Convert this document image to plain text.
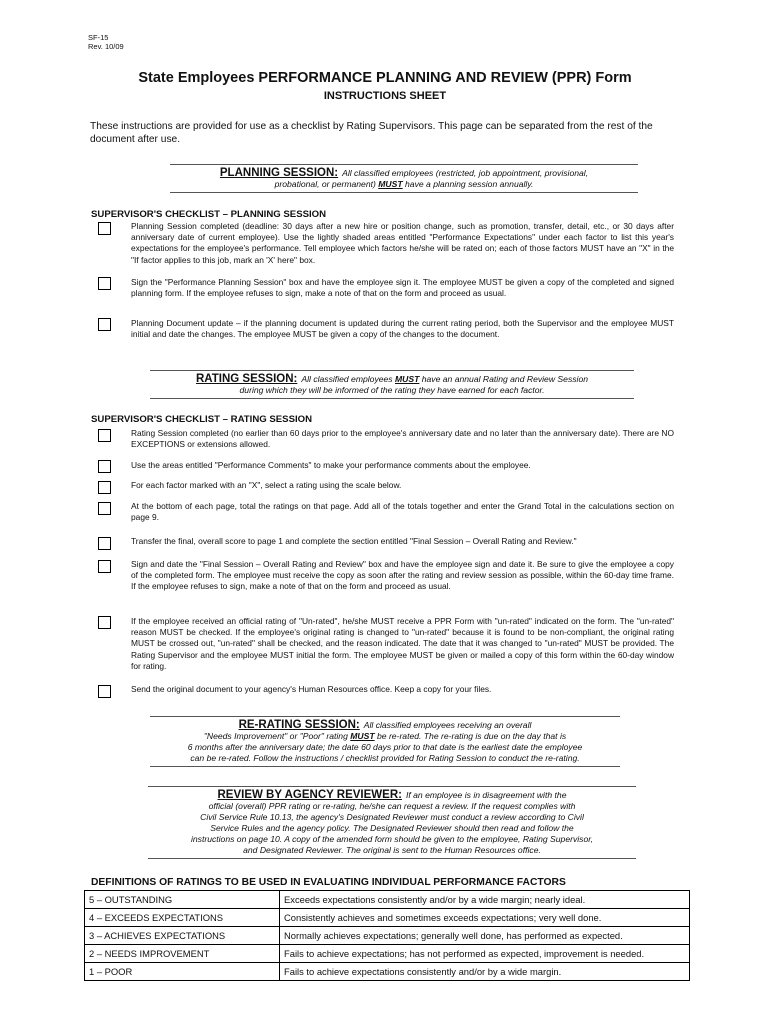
SF-15
Rev. 10/09
State Employees PERFORMANCE PLANNING AND REVIEW (PPR) Form
INSTRUCTIONS SHEET
These instructions are provided for use as a checklist by Rating Supervisors. This page can be separated from the rest of the document after use.
PLANNING SESSION: All classified employees (restricted, job appointment, provisional,
probational, or permanent) MUST have a planning session annually.
SUPERVISOR'S CHECKLIST – PLANNING SESSION
Planning Session completed (deadline: 30 days after a new hire or position change, such as promotion, transfer, detail, etc., or 30 days after anniversary date of current employee). Use the lightly shaded areas entitled "Performance Expectations" under each factor to list this year's expectations for the employee's performance. Tell employee which factors he/she will be rated on; each of those factors MUST have an "X" in the "If factor applies to this job, mark an 'X' here" box.
Sign the "Performance Planning Session" box and have the employee sign it. The employee MUST be given a copy of the completed and signed planning form. If the employee refuses to sign, make a note of that on the form and proceed as usual.
Planning Document update – if the planning document is updated during the current rating period, both the Supervisor and the employee MUST initial and date the changes. The employee MUST be given a copy of the changes to the document.
RATING SESSION: All classified employees MUST have an annual Rating and Review Session
during which they will be informed of the rating they have earned for each factor.
SUPERVISOR'S CHECKLIST – RATING SESSION
Rating Session completed (no earlier than 60 days prior to the employee's anniversary date and no later than the anniversary date). There are NO EXCEPTIONS or extensions allowed.
Use the areas entitled "Performance Comments" to make your performance comments about the employee.
For each factor marked with an "X", select a rating using the scale below.
At the bottom of each page, total the ratings on that page. Add all of the totals together and enter the Grand Total in the calculations section on page 9.
Transfer the final, overall score to page 1 and complete the section entitled "Final Session – Overall Rating and Review."
Sign and date the "Final Session – Overall Rating and Review" box and have the employee sign and date it. Be sure to give the employee a copy of the completed form. The employee must receive the copy as soon after the rating and review session as possible, within the 60-day time frame. If the employee refuses to sign, make a note of that on the form and proceed as usual.
If the employee received an official rating of "Un-rated", he/she MUST receive a PPR Form with "un-rated" indicated on the form. The "un-rated" reason MUST be checked. If the employee's original rating is changed to "un-rated" because it is found to be non-compliant, the original rating MUST be crossed out, "un-rated" shall be checked, and the reason indicated. The date that it was changed to "un-rated" MUST be provided. The Rating Supervisor and the employee MUST initial the form. The employee MUST be given or mailed a copy of this form within the 60-day window for rating.
Send the original document to your agency's Human Resources office. Keep a copy for your files.
RE-RATING SESSION: All classified employees receiving an overall
"Needs Improvement" or "Poor" rating MUST be re-rated. The re-rating is due on the day that is
6 months after the anniversary date; the date 60 days prior to that date is the earliest date the employee
can be re-rated. Follow the instructions / checklist provided for Rating Session to conduct the re-rating.
REVIEW BY AGENCY REVIEWER: If an employee is in disagreement with the
official (overall) PPR rating or re-rating, he/she can request a review. If the request complies with
Civil Service Rule 10.13, the agency's Designated Reviewer must conduct a review according to Civil
Service Rules and the agency policy. The Designated Reviewer should then read and follow the
instructions on page 10. A copy of the amended form should be given to the employee, Rating Supervisor,
and Designated Reviewer. The original is sent to the Human Resources office.
DEFINITIONS OF RATINGS TO BE USED IN EVALUATING INDIVIDUAL PERFORMANCE FACTORS
5 – OUTSTANDING	Exceeds expectations consistently and/or by a wide margin; nearly ideal.
4 – EXCEEDS EXPECTATIONS	Consistently achieves and sometimes exceeds expectations; very well done.
3 – ACHIEVES EXPECTATIONS	Normally achieves expectations; generally well done, has performed as expected.
2 – NEEDS IMPROVEMENT	Fails to achieve expectations; has not performed as expected, improvement is needed.
1 – POOR	Fails to achieve expectations consistently and/or by a wide margin.
